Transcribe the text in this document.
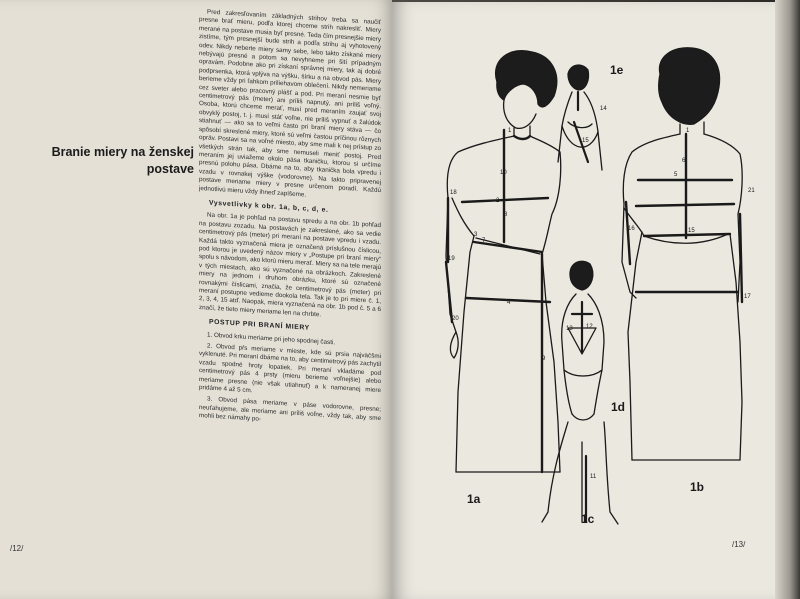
Branie miery na ženskej
postave

Pred zakresľovaním základných strihov treba sa naučiť presne brať mieru, podľa ktorej chceme strih nakresliť. Miery merané na postave musia byť presné. Teda čím presnejšie miery zistíme, tým presnejší bude strih a podľa strihu aj vyhotovený odev. Nikdy neberte miery samy sebe, lebo takto získané miery nebývajú presné a potom sa nevyhneme pri šití prípadným opravám. Podobne ako pri získaní správnej miery, tak aj dobré podprsenka, ktorá vplýva na výšku, šírku a na obvod pás. Miery berieme vždy pri ľahkom priliehavom oblečení. Nikdy nemeriame cez sveter alebo pracovný plášť a pod. Pri meraní nesmie byť centimetrový pás (meter) ani príliš napnutý, ani príliš voľný. Osoba, ktorú chceme merať, musí pred meraním zaujať svoj obvyklý postoj, t. j. musí stáť voľne, nie príliš vypnuť a žalúdok stiahnuť — ako sa to veľmi často pri braní miery stáva — čo spôsobí skreslené miery, ktoré sú veľmi častou príčinou rôznych opráv. Postavi sa na voľné miesto, aby sme mali k nej prístup zo všetkých strán tak, aby sme nemuseli meniť postoj. Pred meraním jej uviažeme okolo pása tkaničku, ktorou si určíme presnú polohu pása. Dbáme na to, aby tkanička bola vpredu i vzadu v rovnakej výške (vodorovne). Na takto pripravenej postave meriame miery v presne určenom poradí. Každú jednotlivú mieru vždy ihneď zapíšeme.

Vysvetlivky k obr. 1a, b, c, d, e.

Na obr. 1a je pohľad na postavu spredu a na obr. 1b pohľad na postavu zozadu. Na postavách je zakreslené, ako sa vedie centimetrový pás (meter) pri meraní na postave vpredu i vzadu. Každá takto vyznačená miera je označená príslušnou číslicou, pod ktorou je uvedený názov miery v „Postupe pri braní miery“ spolu s návodom, ako ktorú mieru merať. Miery sa na tele merajú v tých miestach, ako sú vyznačené na obrázkoch. Zakreslené miery na jednom i druhom obrázku, ktoré sú označené rovnakými číslicami, značia, že centimetrový pás (meter) pri meraní postupne vedieme dookola tela. Tak je to pri miere č. 1, 2, 3, 4, 15 atď. Naopak, miera vyznačená na obr. 1b pod č. 5 a 6 značí, že tieto miery meriame len na chrbte.

POSTUP PRI BRANÍ MIERY

1. Obvod krku meriame pri jeho spodnej časti.

2. Obvod pŕs meriame v mieste, kde sú prsia najväčšmi vyklenuté. Pri meraní dbáme na to, aby centimetrový pás zachytil vzadu spodné hroty lopatiek. Pri meraní vkladáme pod centimetrový pás 4 prsty (mieru berieme voľnejšie) alebo meriame presne (nie však utiahnuť) a k nameranej miere pridáme 4 až 5 cm.

3. Obvod pása meriame v páse vodorovne, presne; neuťahujeme, ale meriame ani príliš voľne, vždy tak, aby sme mohli bez námahy po-

/12/
1
2
3
4
7
8
9
10
18
19
20
1
5
6
15
16
17
21
14
15
13 12
11
1e
1d
1a
1b
1c
/13/
